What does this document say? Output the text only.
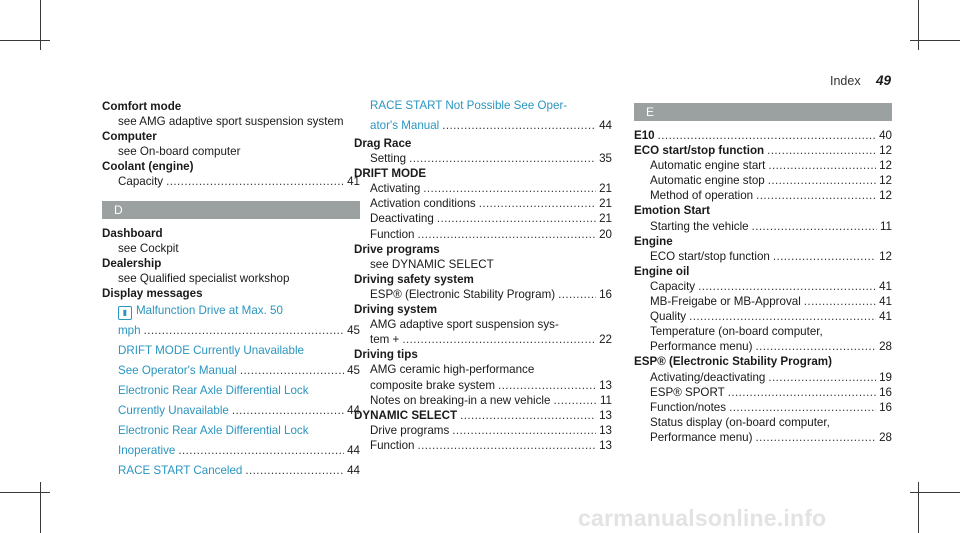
Index 49
Comfort mode
see AMG adaptive sport suspension system
Computer
see On-board computer
Coolant (engine)
Capacity . . .	41
D
Dashboard
see Cockpit
Dealership
see Qualified specialist workshop
Display messages
▮ Malfunction Drive at Max. 50
mph . . .	45
DRIFT MODE Currently Unavailable
See Operator's Manual . . .	45
Electronic Rear Axle Differential Lock
Currently Unavailable . . .	44
Electronic Rear Axle Differential Lock
Inoperative . . .	44
RACE START Canceled . . .	44
RACE START Not Possible See Oper-
ator's Manual . . .	44
Drag Race
Setting . . .	35
DRIFT MODE
Activating . . .	21
Activation conditions . . .	21
Deactivating . . .	21
Function . . .	20
Drive programs
see DYNAMIC SELECT
Driving safety system
ESP® (Electronic Stability Program) . . .	16
Driving system
AMG adaptive sport suspension sys-
tem + . . .	22
Driving tips
AMG ceramic high-performance
composite brake system . . .	13
Notes on breaking-in a new vehicle . . .	11
DYNAMIC SELECT . . .	13
Drive programs . . .	13
Function . . .	13
E
E10 . . .	40
ECO start/stop function . . .	12
Automatic engine start . . .	12
Automatic engine stop . . .	12
Method of operation . . .	12
Emotion Start
Starting the vehicle . . .	11
Engine
ECO start/stop function . . .	12
Engine oil
Capacity . . .	41
MB-Freigabe or MB-Approval . . .	41
Quality . . .	41
Temperature (on-board computer,
Performance menu) . . .	28
ESP® (Electronic Stability Program)
Activating/deactivating . . .	19
ESP® SPORT . . .	16
Function/notes . . .	16
Status display (on-board computer,
Performance menu) . . .	28
carmanualsonline.info
